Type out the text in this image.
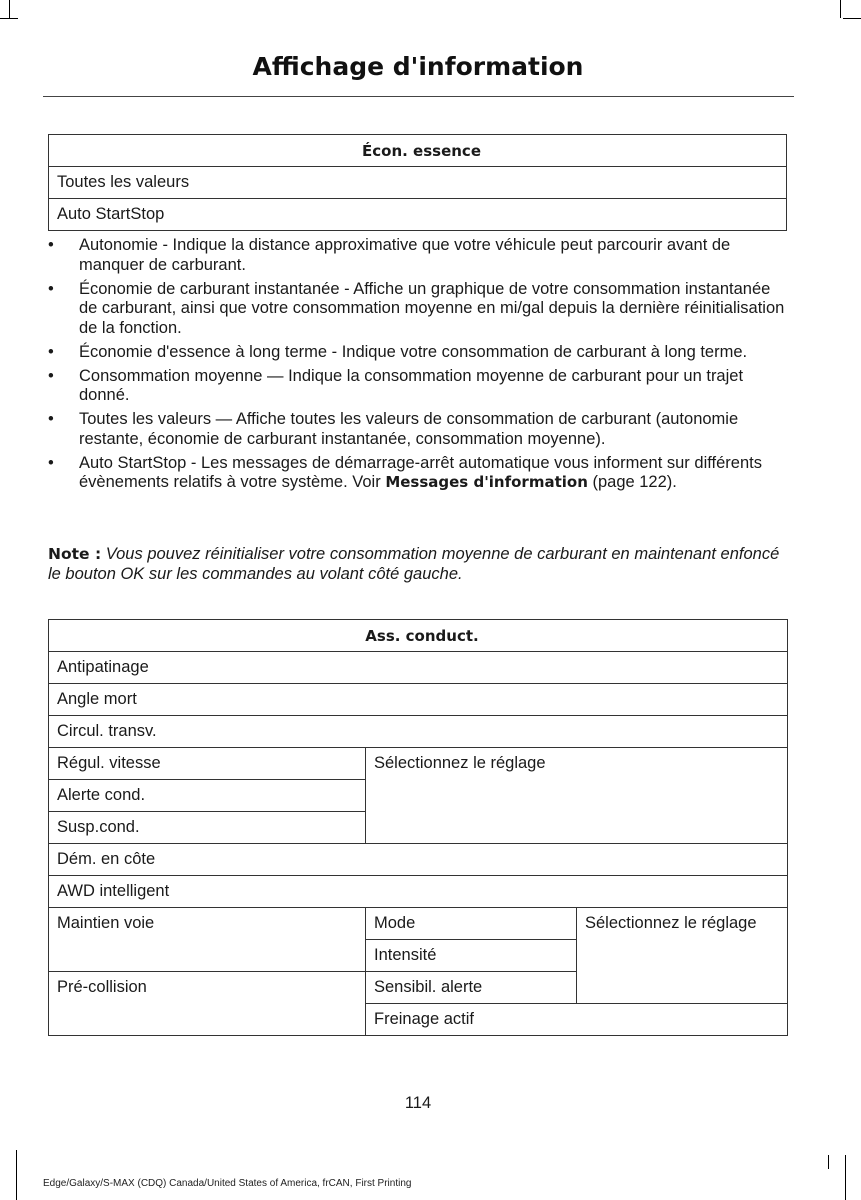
Affichage d'information
Écon. essence
Toutes les valeurs
Auto StartStop
• Autonomie - Indique la distance approximative que votre véhicule peut parcourir avant de manquer de carburant.
• Économie de carburant instantanée - Affiche un graphique de votre consommation instantanée de carburant, ainsi que votre consommation moyenne en mi/gal depuis la dernière réinitialisation de la fonction.
• Économie d'essence à long terme - Indique votre consommation de carburant à long terme.
• Consommation moyenne — Indique la consommation moyenne de carburant pour un trajet donné.
• Toutes les valeurs — Affiche toutes les valeurs de consommation de carburant (autonomie restante, économie de carburant instantanée, consommation moyenne).
• Auto StartStop - Les messages de démarrage-arrêt automatique vous informent sur différents évènements relatifs à votre système. Voir Messages d'information (page 122).
Note : Vous pouvez réinitialiser votre consommation moyenne de carburant en maintenant enfoncé le bouton OK sur les commandes au volant côté gauche.
Ass. conduct.		
Antipatinage		
Angle mort		
Circul. transv.		
Régul. vitesse	Sélectionnez le réglage	
Alerte cond.		
Susp.cond.		
Dém. en côte		
AWD intelligent		
Maintien voie	Mode	Sélectionnez le réglage
	Intensité	
Pré-collision	Sensibil. alerte	
	Freinage actif	
114
Edge/Galaxy/S-MAX (CDQ) Canada/United States of America, frCAN, First Printing
